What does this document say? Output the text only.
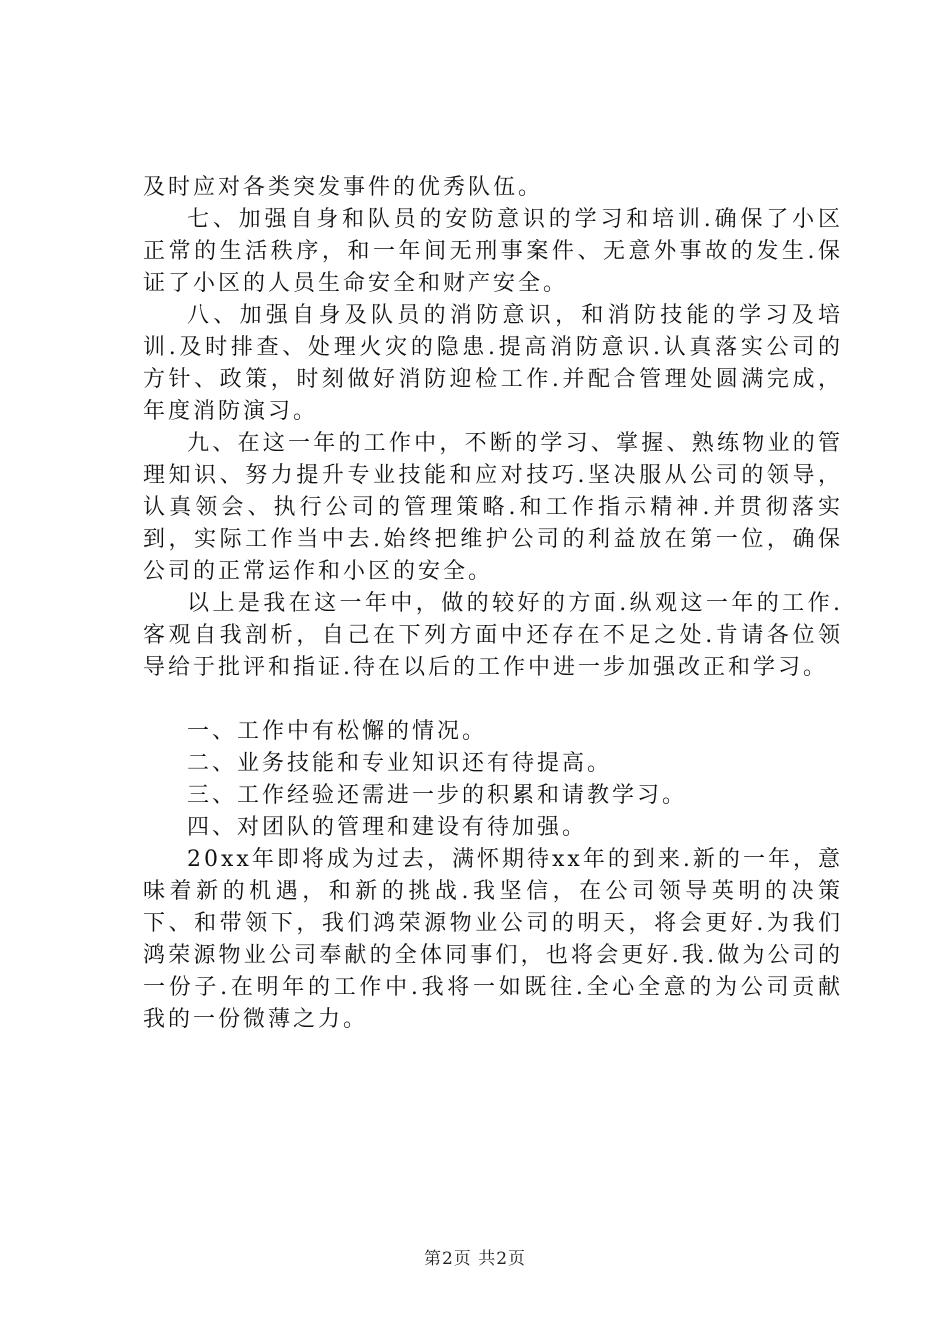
及时应对各类突发事件的优秀队伍。

七、加强自身和队员的安防意识的学习和培训.确保了小区正常的生活秩序，和一年间无刑事案件、无意外事故的发生.保证了小区的人员生命安全和财产安全。

八、加强自身及队员的消防意识，和消防技能的学习及培训.及时排查、处理火灾的隐患.提高消防意识.认真落实公司的方针、政策，时刻做好消防迎检工作.并配合管理处圆满完成，年度消防演习。

九、在这一年的工作中，不断的学习、掌握、熟练物业的管理知识、努力提升专业技能和应对技巧.坚决服从公司的领导，认真领会、执行公司的管理策略.和工作指示精神.并贯彻落实到，实际工作当中去.始终把维护公司的利益放在第一位，确保公司的正常运作和小区的安全。

以上是我在这一年中，做的较好的方面.纵观这一年的工作.客观自我剖析，自己在下列方面中还存在不足之处.肯请各位领导给于批评和指证.待在以后的工作中进一步加强改正和学习。

一、工作中有松懈的情况。

二、业务技能和专业知识还有待提高。

三、工作经验还需进一步的积累和请教学习。

四、对团队的管理和建设有待加强。

20xx年即将成为过去，满怀期待xx年的到来.新的一年，意味着新的机遇，和新的挑战.我坚信，在公司领导英明的决策下、和带领下，我们鸿荣源物业公司的明天，将会更好.为我们鸿荣源物业公司奉献的全体同事们，也将会更好.我.做为公司的一份子.在明年的工作中.我将一如既往.全心全意的为公司贡献我的一份微薄之力。

第2页 共2页
